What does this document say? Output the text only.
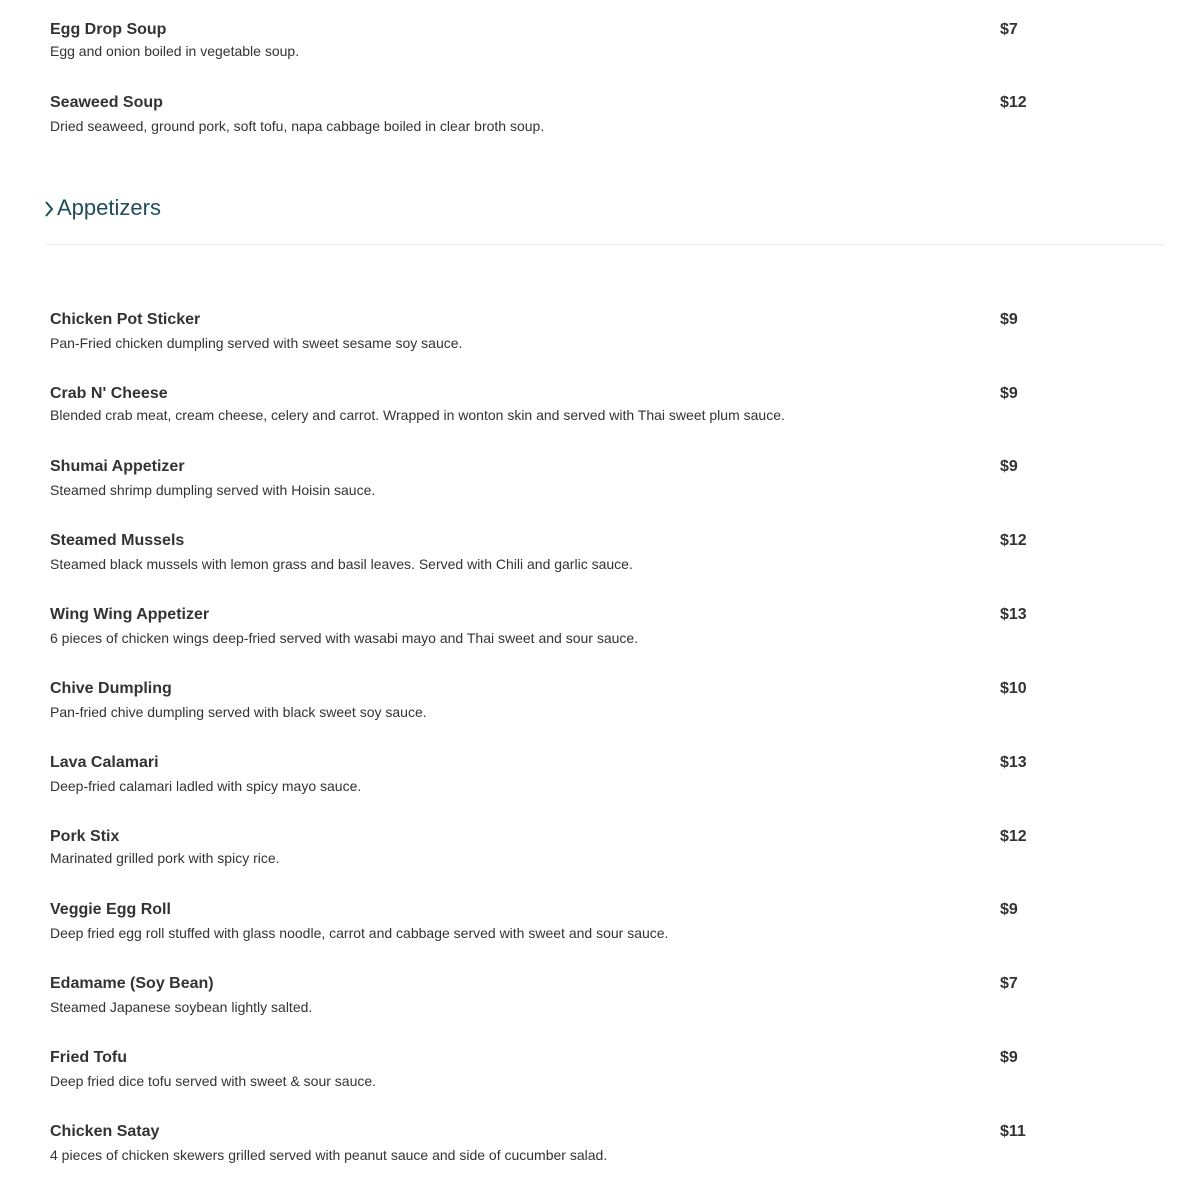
Egg Drop Soup	$7
Egg and onion boiled in vegetable soup.
Seaweed Soup	$12
Dried seaweed, ground pork, soft tofu, napa cabbage boiled in clear broth soup.
Appetizers
Chicken Pot Sticker	$9
Pan-Fried chicken dumpling served with sweet sesame soy sauce.
Crab N' Cheese	$9
Blended crab meat, cream cheese, celery and carrot. Wrapped in wonton skin and served with Thai sweet plum sauce.
Shumai Appetizer	$9
Steamed shrimp dumpling served with Hoisin sauce.
Steamed Mussels	$12
Steamed black mussels with lemon grass and basil leaves. Served with Chili and garlic sauce.
Wing Wing Appetizer	$13
6 pieces of chicken wings deep-fried served with wasabi mayo and Thai sweet and sour sauce.
Chive Dumpling	$10
Pan-fried chive dumpling served with black sweet soy sauce.
Lava Calamari	$13
Deep-fried calamari ladled with spicy mayo sauce.
Pork Stix	$12
Marinated grilled pork with spicy rice.
Veggie Egg Roll	$9
Deep fried egg roll stuffed with glass noodle, carrot and cabbage served with sweet and sour sauce.
Edamame (Soy Bean)	$7
Steamed Japanese soybean lightly salted.
Fried Tofu	$9
Deep fried dice tofu served with sweet & sour sauce.
Chicken Satay	$11
4 pieces of chicken skewers grilled served with peanut sauce and side of cucumber salad.
